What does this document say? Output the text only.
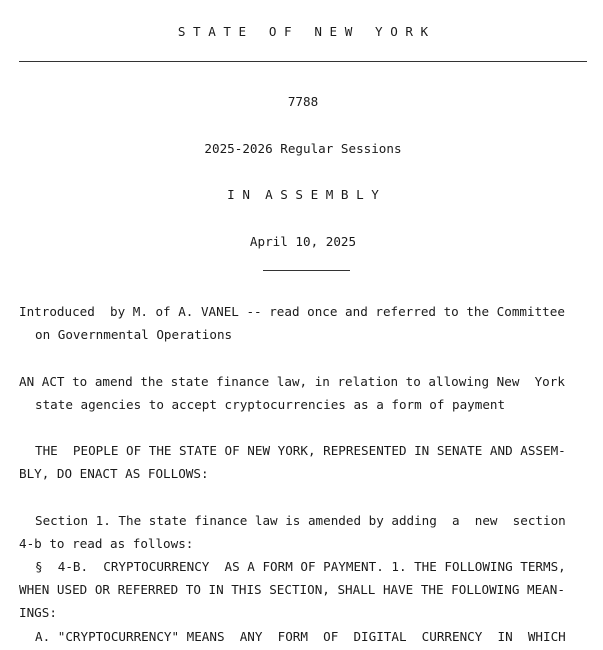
S T A T E   O F   N E W   Y O R K
7788
2025-2026 Regular Sessions
I N  A S S E M B L Y
April 10, 2025
Introduced  by M. of A. VANEL -- read once and referred to the Committee
on Governmental Operations
AN ACT to amend the state finance law, in relation to allowing New  York
state agencies to accept cryptocurrencies as a form of payment
THE  PEOPLE OF THE STATE OF NEW YORK, REPRESENTED IN SENATE AND ASSEM-
BLY, DO ENACT AS FOLLOWS:
Section 1. The state finance law is amended by adding  a  new  section
4-b to read as follows:
§  4-B.  CRYPTOCURRENCY  AS A FORM OF PAYMENT. 1. THE FOLLOWING TERMS,
WHEN USED OR REFERRED TO IN THIS SECTION, SHALL HAVE THE FOLLOWING MEAN-
INGS:
A. "CRYPTOCURRENCY" MEANS  ANY  FORM  OF  DIGITAL  CURRENCY  IN  WHICH
